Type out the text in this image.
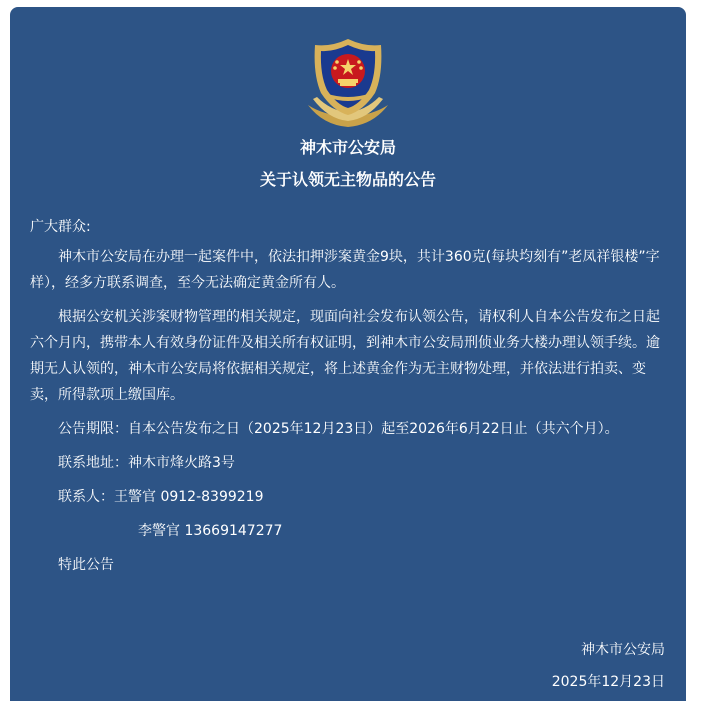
神木市公安局
关于认领无主物品的公告

广大群众:

神木市公安局在办理一起案件中，依法扣押涉案黄金9块，共计360克(每块均刻有”老凤祥银楼”字样），经多方联系调查，至今无法确定黄金所有人。

根据公安机关涉案财物管理的相关规定，现面向社会发布认领公告，请权利人自本公告发布之日起六个月内，携带本人有效身份证件及相关所有权证明，到神木市公安局刑侦业务大楼办理认领手续。逾期无人认领的，神木市公安局将依据相关规定，将上述黄金作为无主财物处理，并依法进行拍卖、变卖，所得款项上缴国库。

公告期限：自本公告发布之日（2025年12月23日）起至2026年6月22日止（共六个月）。

联系地址：神木市烽火路3号

联系人：王警官 0912-8399219

李警官 13669147277

特此公告

神木市公安局
2025年12月23日
